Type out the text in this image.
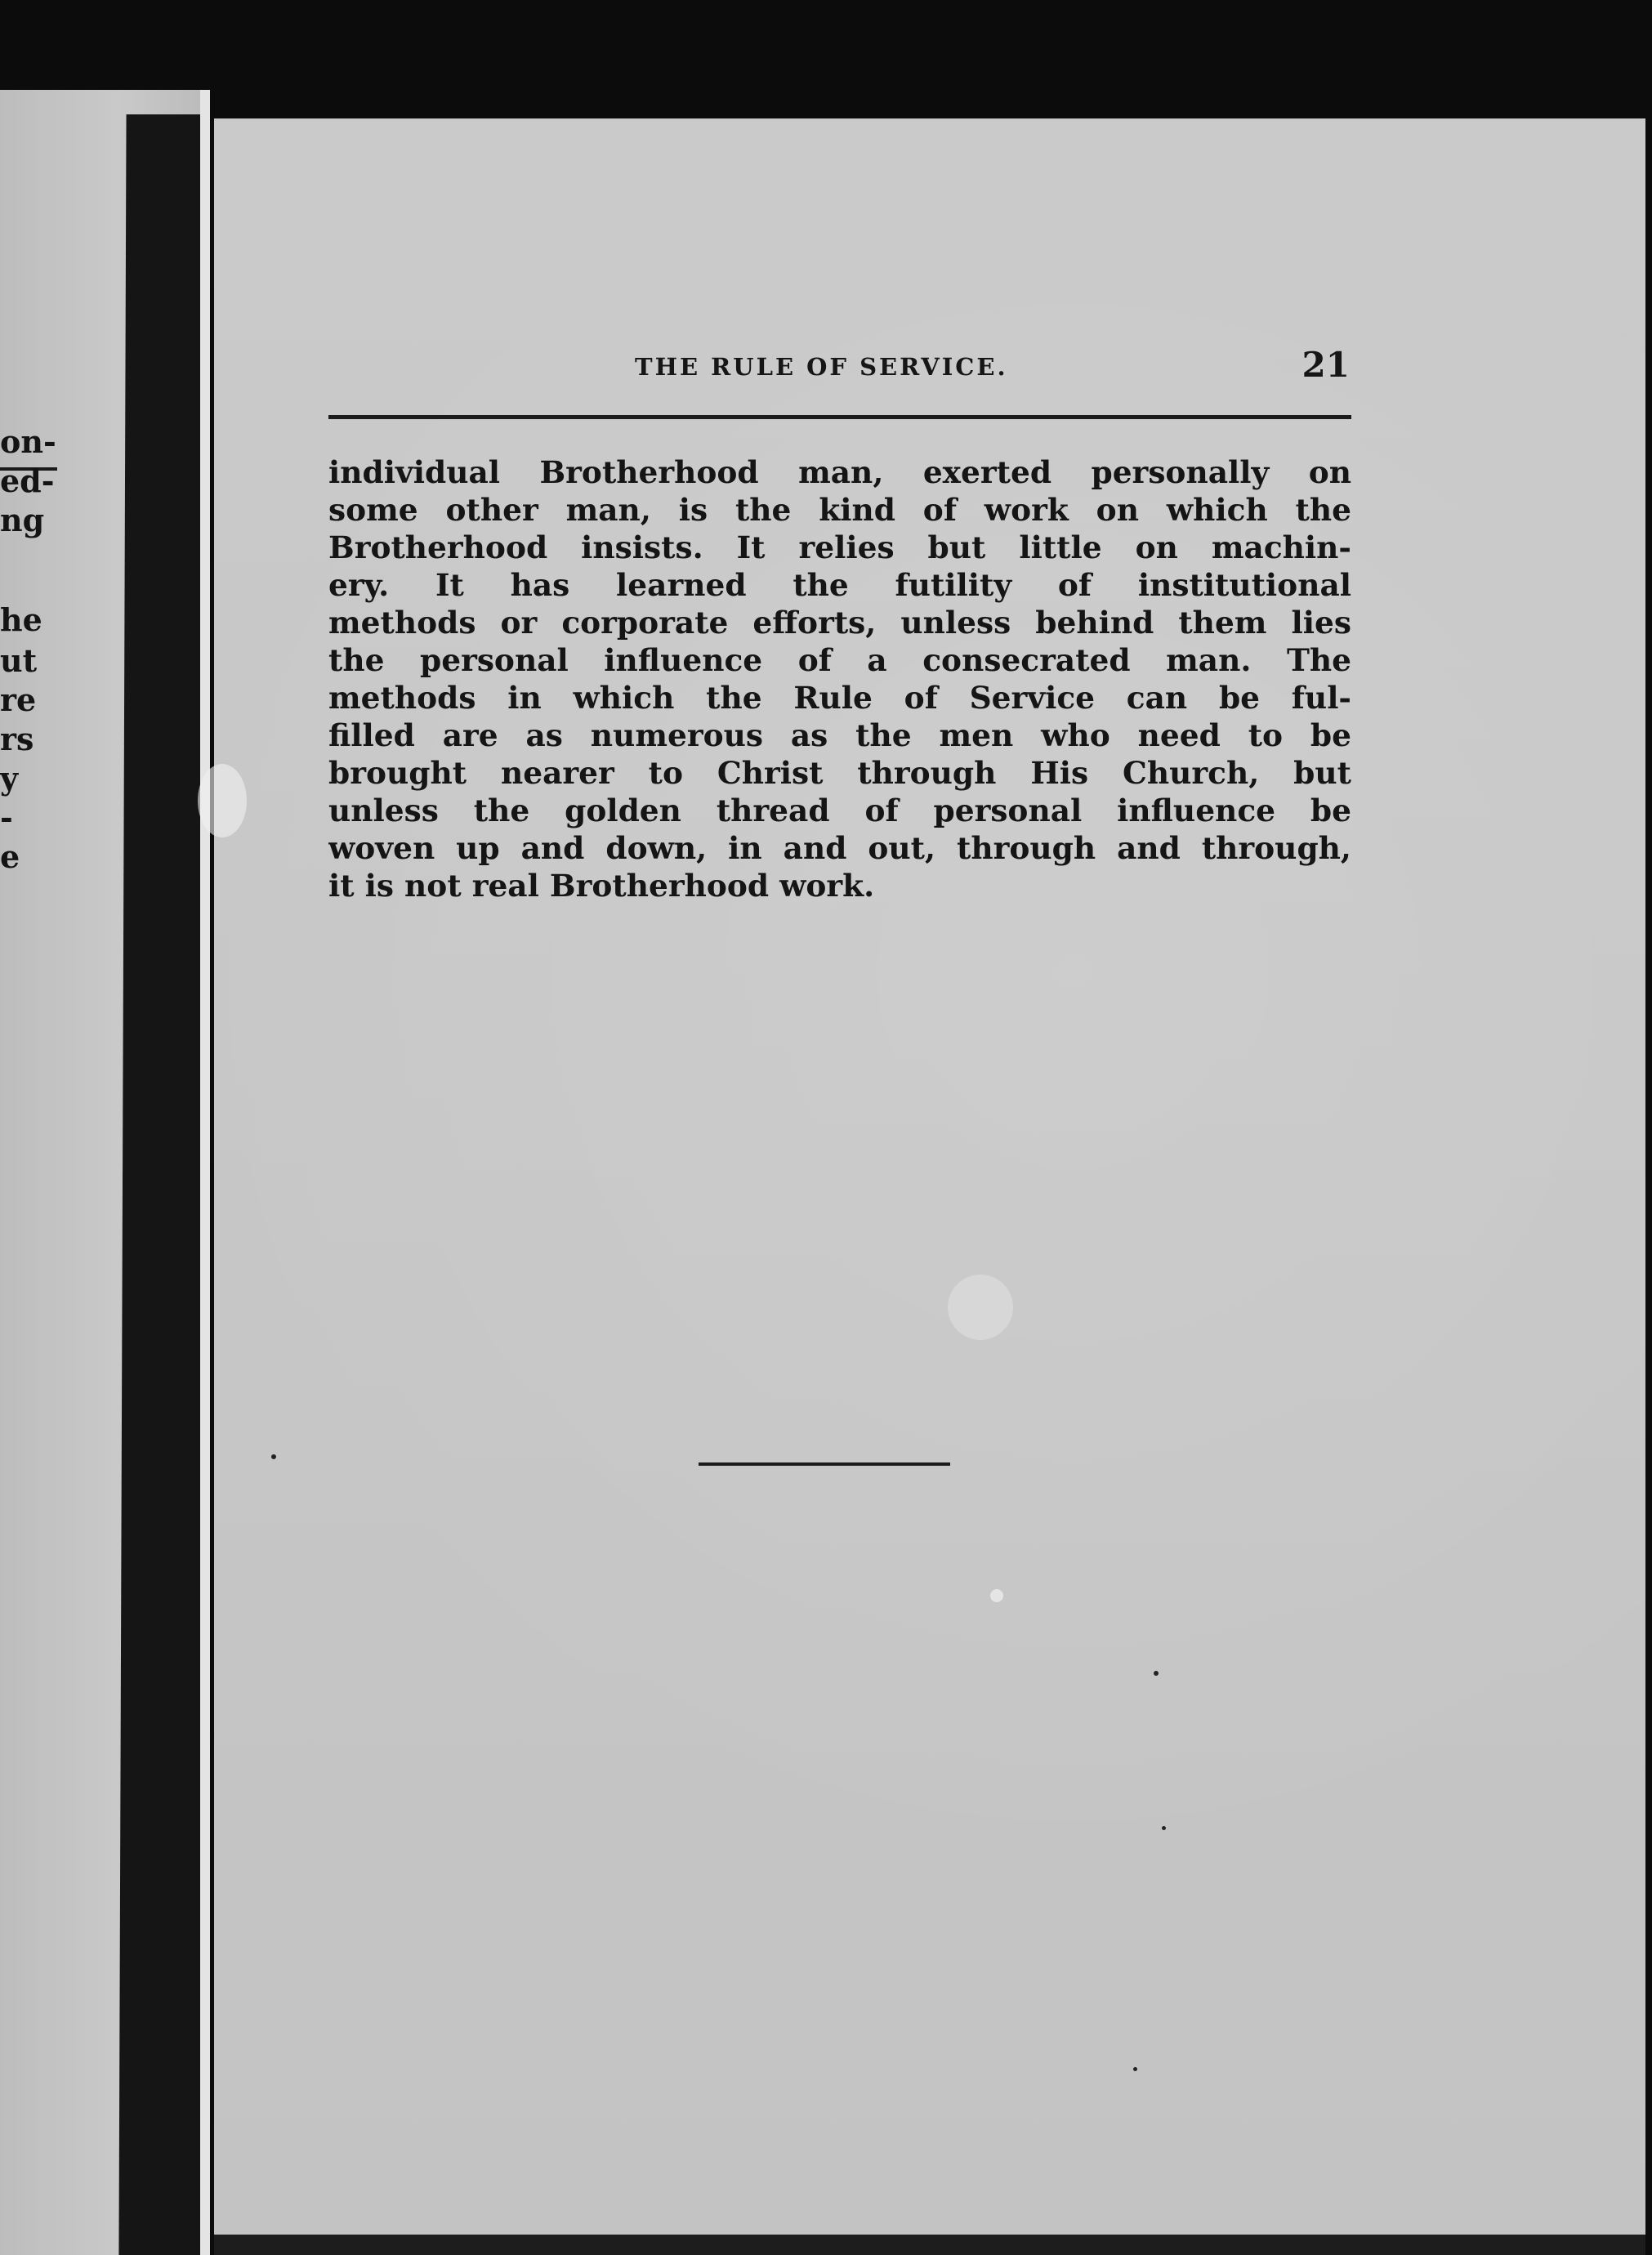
on-
ed-
ng
he
ut
re
rs
y
-
e
THE RULE OF SERVICE.	21
individual Brotherhood man, exerted personally on
some other man, is the kind of work on which the
Brotherhood insists. It relies but little on machin-
ery. It has learned the futility of institutional
methods or corporate efforts, unless behind them lies
the personal influence of a consecrated man. The
methods in which the Rule of Service can be ful-
filled are as numerous as the men who need to be
brought nearer to Christ through His Church, but
unless the golden thread of personal influence be
woven up and down, in and out, through and through,
it is not real Brotherhood work.
